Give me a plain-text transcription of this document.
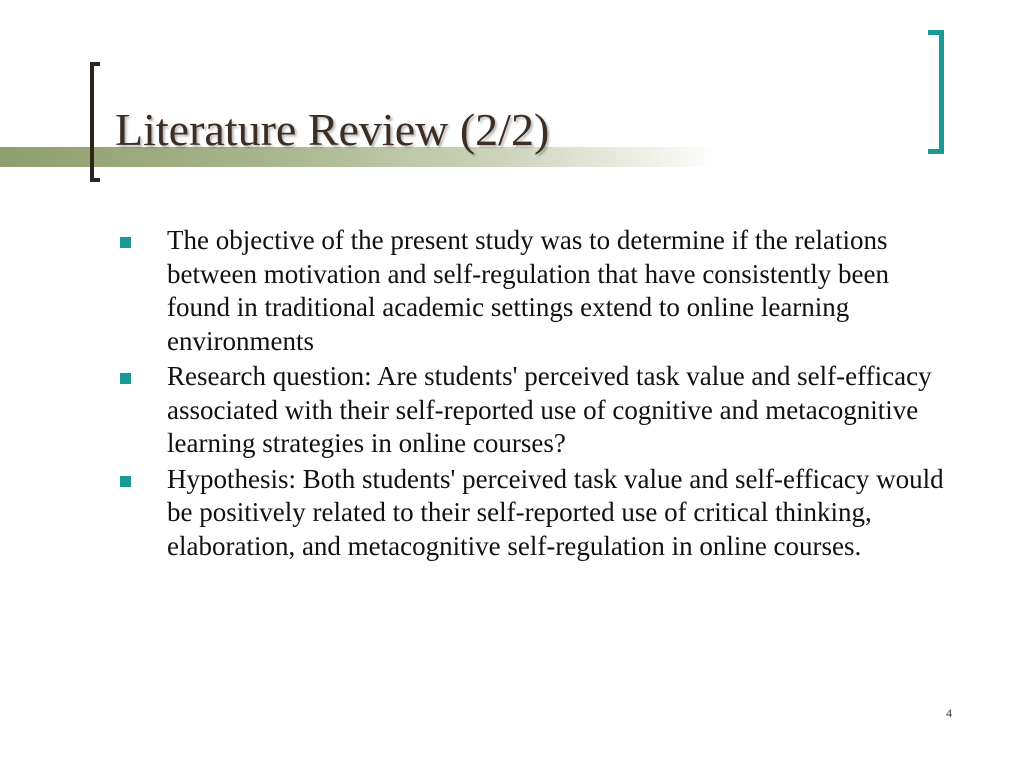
Literature Review (2/2)
The objective of the present study was to determine if the relations between motivation and self-regulation that have consistently been found in traditional academic settings extend to online learning environments
Research question: Are students' perceived task value and self-efficacy associated with their self-reported use of cognitive and metacognitive learning strategies in online courses?
Hypothesis: Both students' perceived task value and self-efficacy would be positively related to their self-reported use of critical thinking, elaboration, and metacognitive self-regulation in online courses.
4
